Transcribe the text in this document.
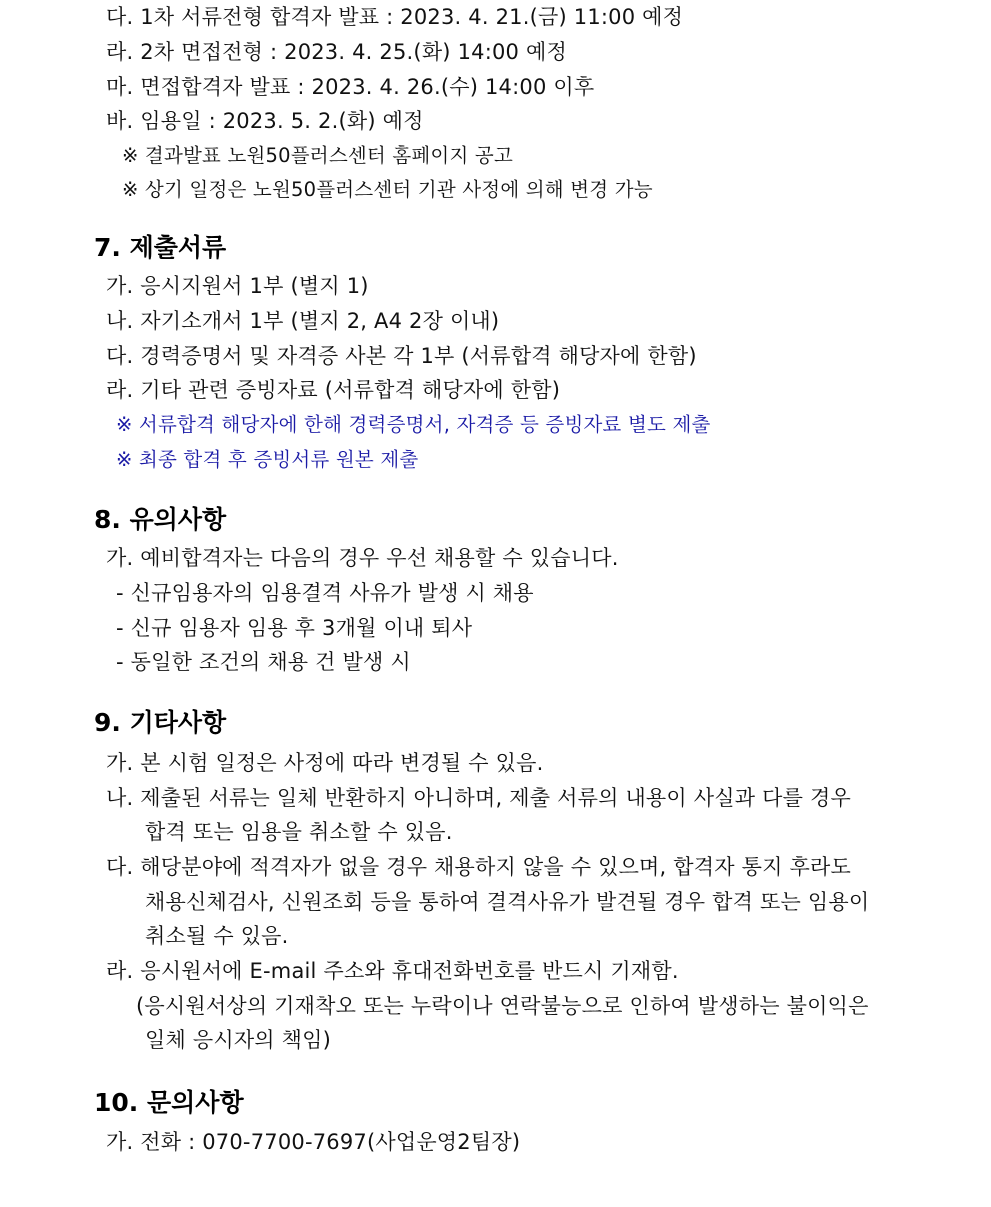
다. 1차 서류전형 합격자 발표 : 2023. 4. 21.(금) 11:00 예정
라. 2차 면접전형 : 2023. 4. 25.(화) 14:00 예정
마. 면접합격자 발표 : 2023. 4. 26.(수) 14:00 이후
바. 임용일 : 2023. 5. 2.(화) 예정
※ 결과발표 노원50플러스센터 홈페이지 공고
※ 상기 일정은 노원50플러스센터 기관 사정에 의해 변경 가능
7. 제출서류
가. 응시지원서 1부 (별지 1)
나. 자기소개서 1부 (별지 2, A4 2장 이내)
다. 경력증명서 및 자격증 사본 각 1부 (서류합격 해당자에 한함)
라. 기타 관련 증빙자료 (서류합격 해당자에 한함)
※ 서류합격 해당자에 한해 경력증명서, 자격증 등 증빙자료 별도 제출
※ 최종 합격 후 증빙서류 원본 제출
8. 유의사항
가. 예비합격자는 다음의 경우 우선 채용할 수 있습니다.
- 신규임용자의 임용결격 사유가 발생 시 채용
- 신규 임용자 임용 후 3개월 이내 퇴사
- 동일한 조건의 채용 건 발생 시
9. 기타사항
가. 본 시험 일정은 사정에 따라 변경될 수 있음.
나. 제출된 서류는 일체 반환하지 아니하며, 제출 서류의 내용이 사실과 다를 경우
합격 또는 임용을 취소할 수 있음.
다. 해당분야에 적격자가 없을 경우 채용하지 않을 수 있으며, 합격자 통지 후라도
채용신체검사, 신원조회 등을 통하여 결격사유가 발견될 경우 합격 또는 임용이
취소될 수 있음.
라. 응시원서에 E-mail 주소와 휴대전화번호를 반드시 기재함.
(응시원서상의 기재착오 또는 누락이나 연락불능으로 인하여 발생하는 불이익은
일체 응시자의 책임)
10. 문의사항
가. 전화 : 070-7700-7697(사업운영2팀장)
